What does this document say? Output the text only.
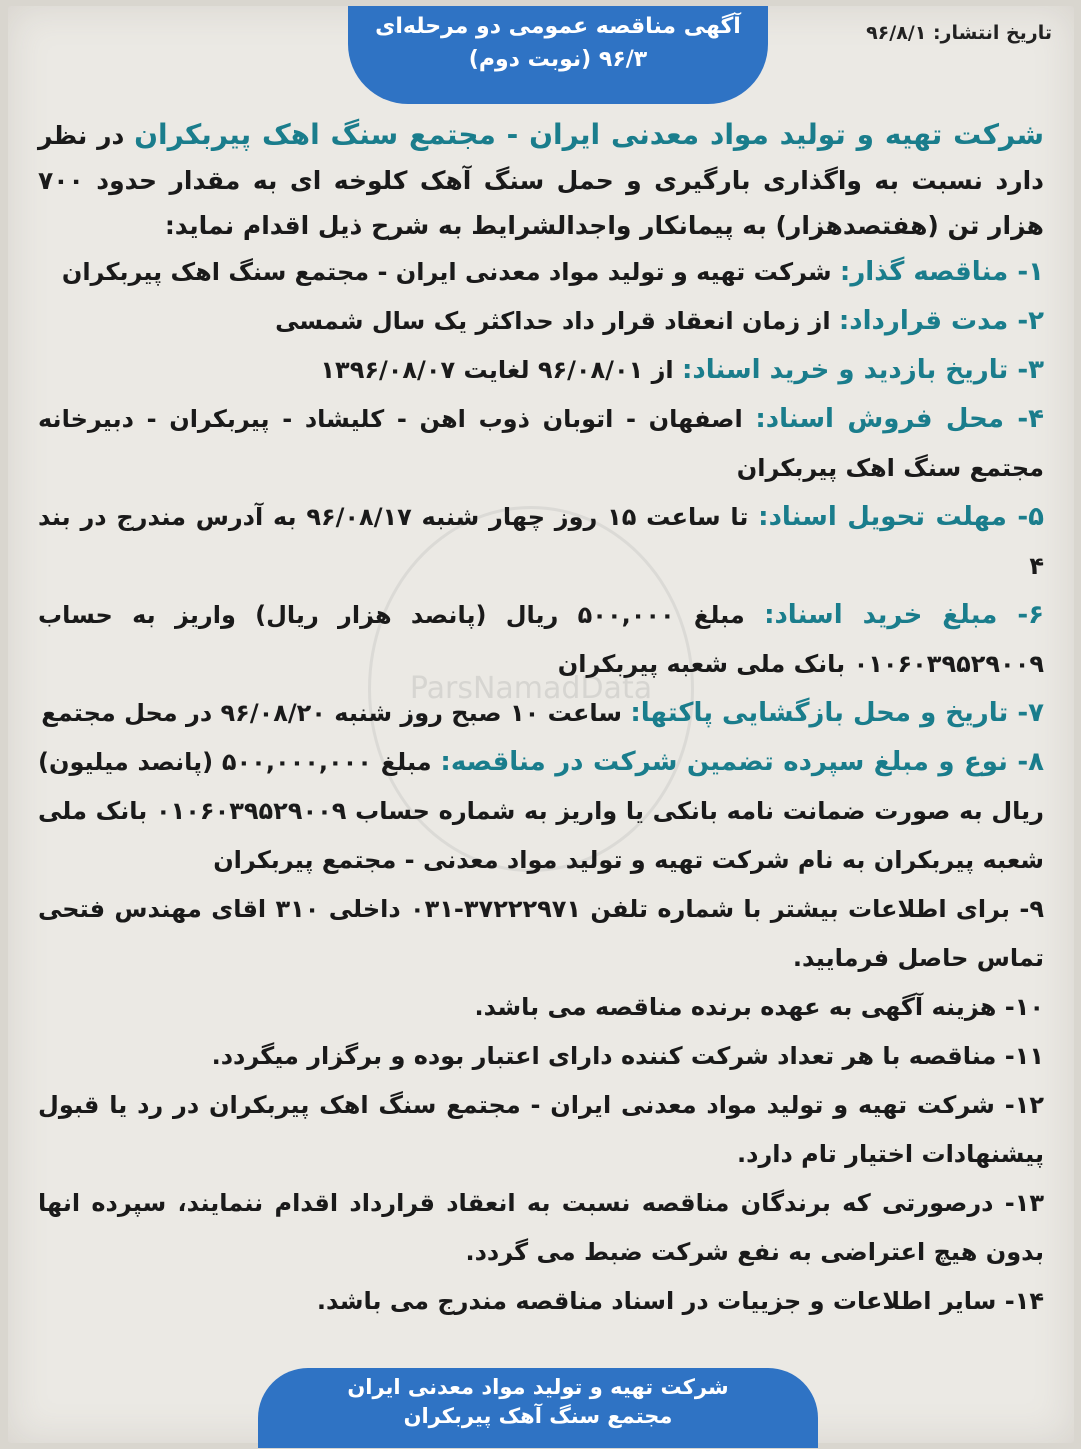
آگهی مناقصه عمومی دو مرحله‌ای
۹۶/۳ (نوبت دوم)
تاریخ انتشار: ۹۶/۸/۱
ParsNamadData
شرکت تهیه و تولید مواد معدنی ایران - مجتمع سنگ اهک پیربکران در نظر دارد نسبت به واگذاری بارگیری و حمل سنگ آهک کلوخه ای به مقدار حدود ۷۰۰ هزار تن (هفتصدهزار) به پیمانکار واجدالشرایط به شرح ذیل اقدام نماید:
۱- مناقصه گذار: شرکت تهیه و تولید مواد معدنی ایران - مجتمع سنگ اهک پیربکران
۲- مدت قرارداد: از زمان انعقاد قرار داد حداکثر یک سال شمسی
۳- تاریخ بازدید و خرید اسناد: از ۹۶/۰۸/۰۱ لغایت ۱۳۹۶/۰۸/۰۷
۴- محل فروش اسناد: اصفهان - اتوبان ذوب اهن - کلیشاد - پیربکران - دبیرخانه مجتمع سنگ اهک پیربکران
۵- مهلت تحویل اسناد: تا ساعت ۱۵ روز چهار شنبه ۹۶/۰۸/۱۷ به آدرس مندرج در بند ۴
۶- مبلغ خرید اسناد: مبلغ ۵۰۰,۰۰۰ ریال (پانصد هزار ریال) واریز به حساب ۰۱۰۶۰۳۹۵۲۹۰۰۹ بانک ملی شعبه پیربکران
۷- تاریخ و محل بازگشایی پاکتها: ساعت ۱۰ صبح روز شنبه ۹۶/۰۸/۲۰ در محل مجتمع
۸- نوع و مبلغ سپرده تضمین شرکت در مناقصه: مبلغ ۵۰۰,۰۰۰,۰۰۰ (پانصد میلیون) ریال به صورت ضمانت نامه بانکی یا واریز به شماره حساب ۰۱۰۶۰۳۹۵۲۹۰۰۹ بانک ملی شعبه پیربکران به نام شرکت تهیه و تولید مواد معدنی - مجتمع پیربکران
۹- برای اطلاعات بیشتر با شماره تلفن ۳۷۲۲۲۹۷۱-۰۳۱ داخلی ۳۱۰ اقای مهندس فتحی تماس حاصل فرمایید.
۱۰- هزینه آگهی به عهده برنده مناقصه می باشد.
۱۱- مناقصه با هر تعداد شرکت کننده دارای اعتبار بوده و برگزار میگردد.
۱۲- شرکت تهیه و تولید مواد معدنی ایران - مجتمع سنگ اهک پیربکران در رد یا قبول پیشنهادات اختیار تام دارد.
۱۳- درصورتی که برندگان مناقصه نسبت به انعقاد قرارداد اقدام ننمایند، سپرده انها بدون هیچ اعتراضی به نفع شرکت ضبط می گردد.
۱۴- سایر اطلاعات و جزییات در اسناد مناقصه مندرج می باشد.
شرکت تهیه و تولید مواد معدنی ایران
مجتمع سنگ آهک پیربکران
